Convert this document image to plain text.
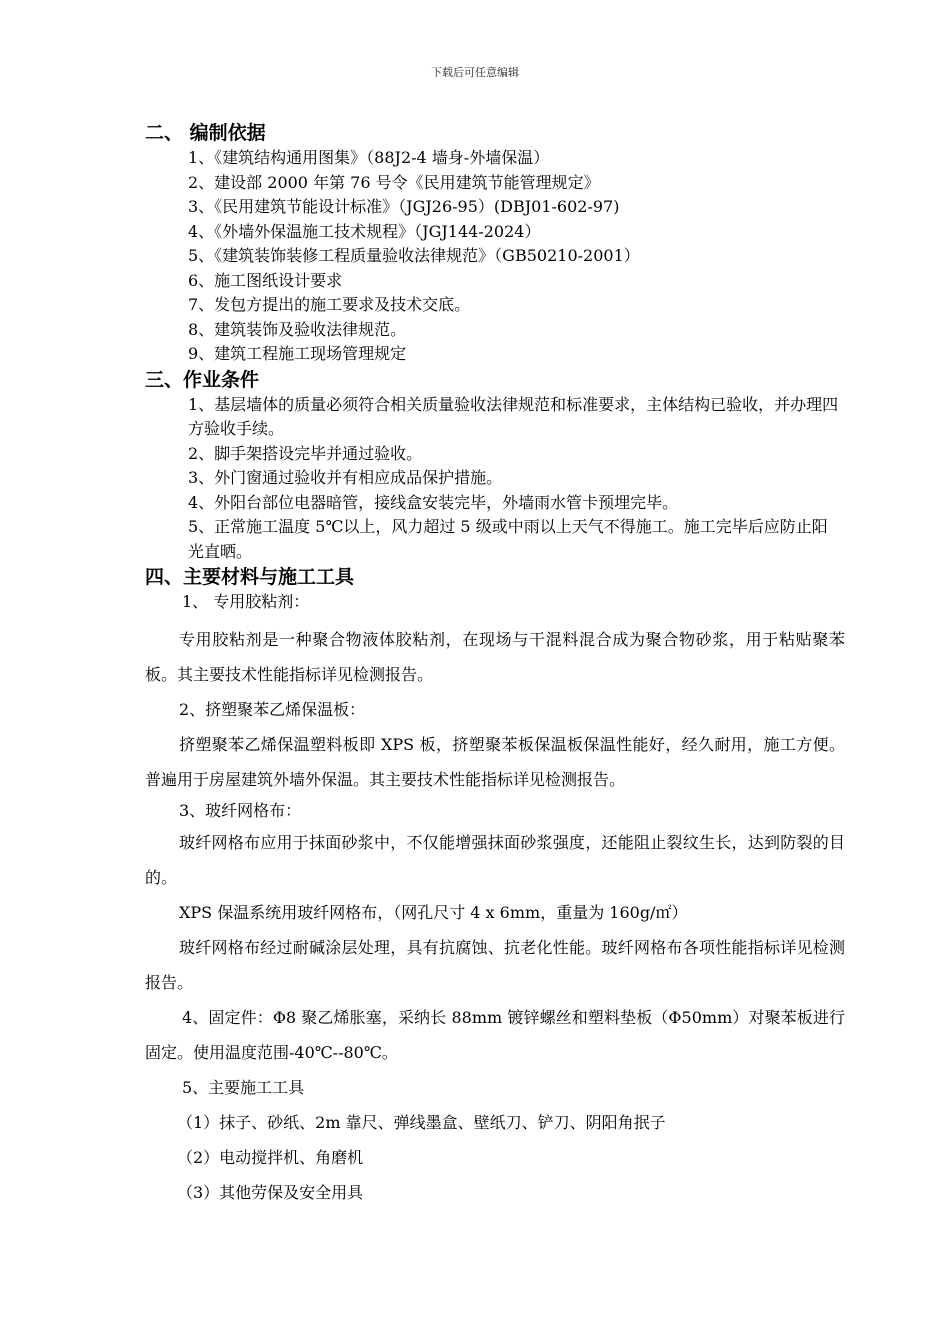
下载后可任意编辑
二、 编制依据

1、《建筑结构通用图集》（88J2-4 墙身-外墙保温）

2、建设部 2000 年第 76 号令《民用建筑节能管理规定》

3、《民用建筑节能设计标准》（JGJ26-95）(DBJ01-602-97)

4、《外墙外保温施工技术规程》（JGJ144-2024）

5、《建筑装饰装修工程质量验收法律规范》（GB50210-2001）

6、施工图纸设计要求

7、发包方提出的施工要求及技术交底。

8、建筑装饰及验收法律规范。

9、建筑工程施工现场管理规定

三、作业条件

1、基层墙体的质量必须符合相关质量验收法律规范和标准要求，主体结构已验收，并办理四方验收手续。

2、脚手架搭设完毕并通过验收。

3、外门窗通过验收并有相应成品保护措施。

4、外阳台部位电器暗管，接线盒安装完毕，外墙雨水管卡预埋完毕。

5、正常施工温度 5℃以上，风力超过 5 级或中雨以上天气不得施工。施工完毕后应防止阳光直晒。

四、主要材料与施工工具

1、 专用胶粘剂：

专用胶粘剂是一种聚合物液体胶粘剂，在现场与干混料混合成为聚合物砂浆，用于粘贴聚苯板。其主要技术性能指标详见检测报告。

2、挤塑聚苯乙烯保温板：

挤塑聚苯乙烯保温塑料板即 XPS 板，挤塑聚苯板保温板保温性能好，经久耐用，施工方便。普遍用于房屋建筑外墙外保温。其主要技术性能指标详见检测报告。

3、玻纤网格布：

玻纤网格布应用于抹面砂浆中，不仅能增强抹面砂浆强度，还能阻止裂纹生长，达到防裂的目的。

XPS 保温系统用玻纤网格布，（网孔尺寸 4 x 6mm，重量为 160g/㎡）

玻纤网格布经过耐碱涂层处理，具有抗腐蚀、抗老化性能。玻纤网格布各项性能指标详见检测报告。

4、固定件：Φ8 聚乙烯胀塞，采纳长 88mm 镀锌螺丝和塑料垫板（Φ50mm）对聚苯板进行固定。使用温度范围-40℃--80℃。

5、主要施工工具

（1）抹子、砂纸、2m 靠尺、弹线墨盒、壁纸刀、铲刀、阴阳角抿子

（2）电动搅拌机、角磨机

（3）其他劳保及安全用具
